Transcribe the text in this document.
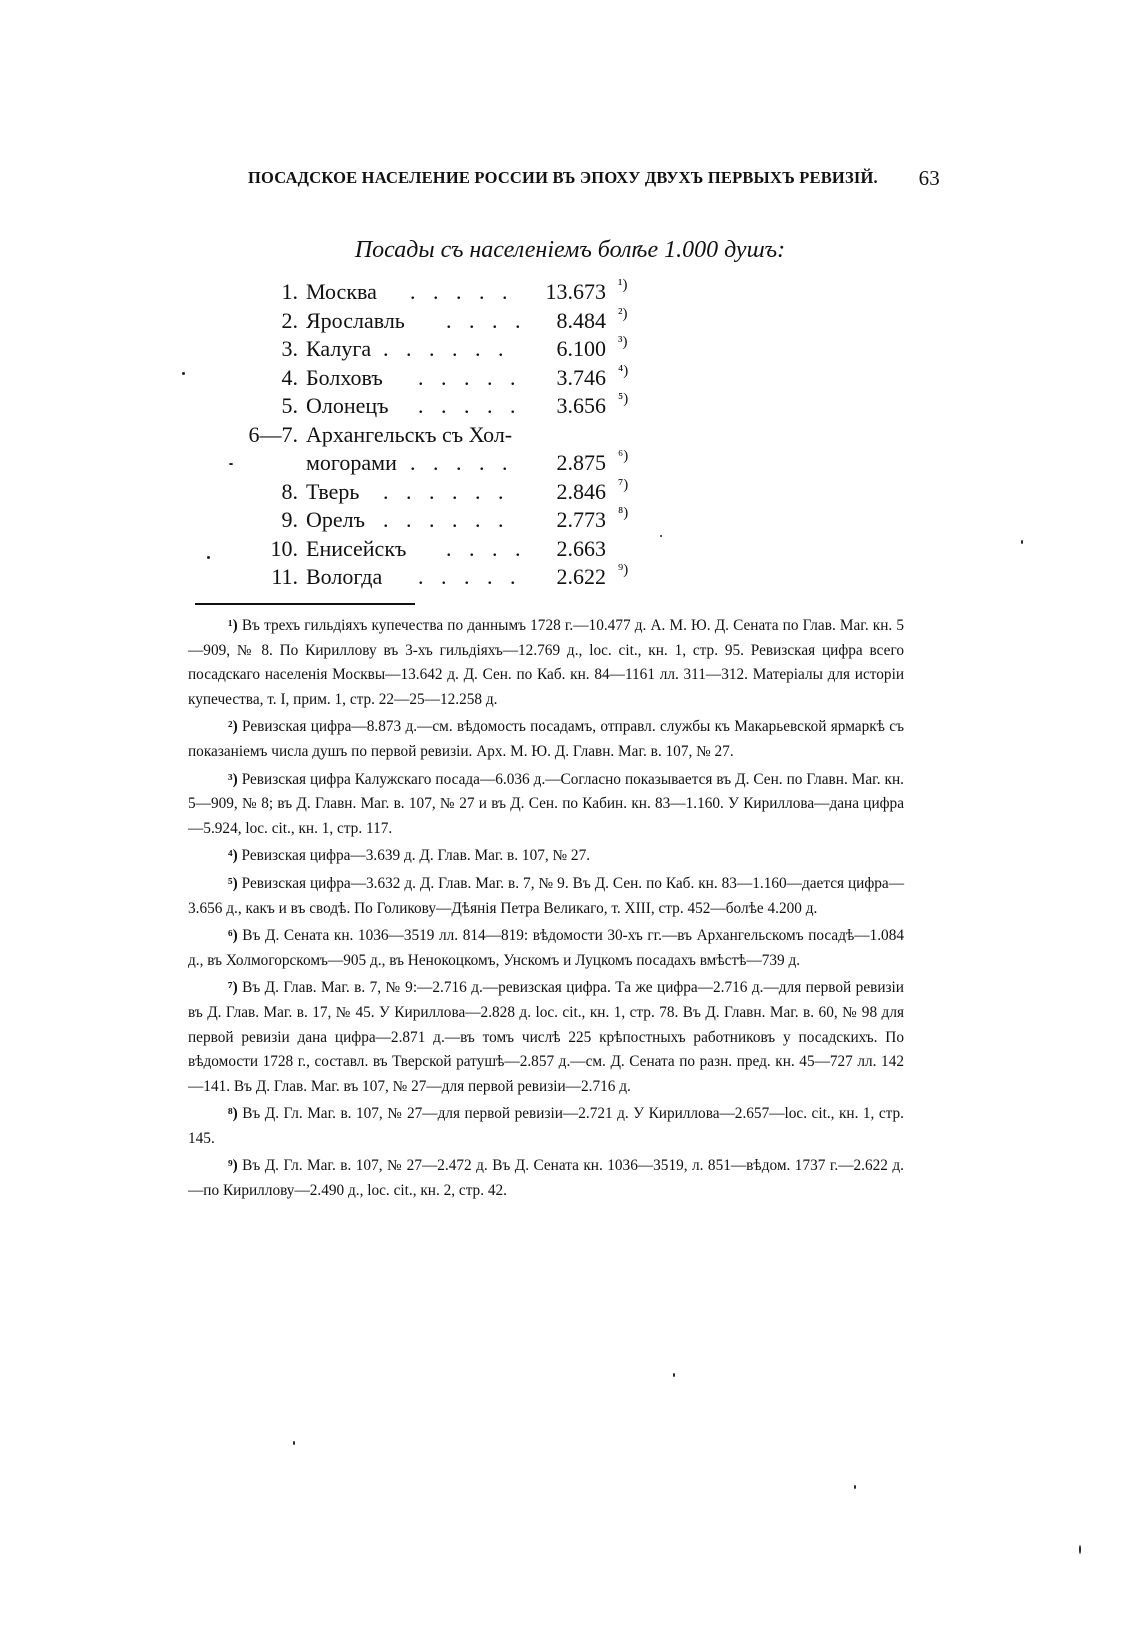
ПОСАДСКОЕ НАСЕЛЕНИЕ РОССИИ ВЪ ЭПОХУ ДВУХЪ ПЕРВЫХЪ РЕВИЗІЙ. 63
Посады съ населеніемъ болѣе 1.000 душъ:
1. Москва . . . . . 13.673 ¹)
2. Ярославль . . . . 8.484 ²)
3. Калуга . . . . . . 6.100 ³)
4. Болховъ . . . . . 3.746 ⁴)
5. Олонецъ . . . . . 3.656 ⁵)
6—7. Архангельскъ съ Хол-
могорами . . . . . 2.875 ⁶)
8. Тверь . . . . . . 2.846 ⁷)
9. Орелъ . . . . . . 2.773 ⁸)
10. Енисейскъ . . . . 2.663
11. Вологда . . . . . 2.622 ⁹)

¹) Въ трехъ гильдіяхъ купечества по даннымъ 1728 г.—10.477 д. А. М. Ю. Д. Сената по Глав. Маг. кн. 5—909, № 8. По Кириллову въ 3-хъ гильдіяхъ—12.769 д., loc. cit., кн. 1, стр. 95. Ревизская цифра всего посадскаго населенія Москвы—13.642 д. Д. Сен. по Каб. кн. 84—1161 лл. 311—312. Матеріалы для исторіи купечества, т. I, прим. 1, стр. 22—25—12.258 д.

²) Ревизская цифра—8.873 д.—см. вѣдомость посадамъ, отправл. службы къ Макарьевской ярмаркѣ съ показаніемъ числа душъ по первой ревизіи. Арх. М. Ю. Д. Главн. Маг. в. 107, № 27.

³) Ревизская цифра Калужскаго посада—6.036 д.—Согласно показывается въ Д. Сен. по Главн. Маг. кн. 5—909, № 8; въ Д. Главн. Маг. в. 107, № 27 и въ Д. Сен. по Кабин. кн. 83—1.160. У Кириллова—дана цифра—5.924, loc. cit., кн. 1, стр. 117.

⁴) Ревизская цифра—3.639 д. Д. Глав. Маг. в. 107, № 27.

⁵) Ревизская цифра—3.632 д. Д. Глав. Маг. в. 7, № 9. Въ Д. Сен. по Каб. кн. 83—1.160—дается цифра—3.656 д., какъ и въ сводѣ. По Голикову—Дѣянія Петра Великаго, т. XIII, стр. 452—болѣе 4.200 д.

⁶) Въ Д. Сената кн. 1036—3519 лл. 814—819: вѣдомости 30-хъ гг.—въ Архангельскомъ посадѣ—1.084 д., въ Холмогорскомъ—905 д., въ Ненокоцкомъ, Унскомъ и Луцкомъ посадахъ вмѣстѣ—739 д.

⁷) Въ Д. Глав. Маг. в. 7, № 9:—2.716 д.—ревизская цифра. Та же цифра—2.716 д.—для первой ревизіи въ Д. Глав. Маг. в. 17, № 45. У Кириллова—2.828 д. loc. cit., кн. 1, стр. 78. Въ Д. Главн. Маг. в. 60, № 98 для первой ревизіи дана цифра—2.871 д.—въ томъ числѣ 225 крѣпостныхъ работниковъ у посадскихъ. По вѣдомости 1728 г., составл. въ Тверской ратушѣ—2.857 д.—см. Д. Сената по разн. пред. кн. 45—727 лл. 142—141. Въ Д. Глав. Маг. въ 107, № 27—для первой ревизіи—2.716 д.

⁸) Въ Д. Гл. Маг. в. 107, № 27—для первой ревизіи—2.721 д. У Кириллова—2.657—loc. cit., кн. 1, стр. 145.

⁹) Въ Д. Гл. Маг. в. 107, № 27—2.472 д. Въ Д. Сената кн. 1036—3519, л. 851—вѣдом. 1737 г.—2.622 д.—по Кириллову—2.490 д., loc. cit., кн. 2, стр. 42.
